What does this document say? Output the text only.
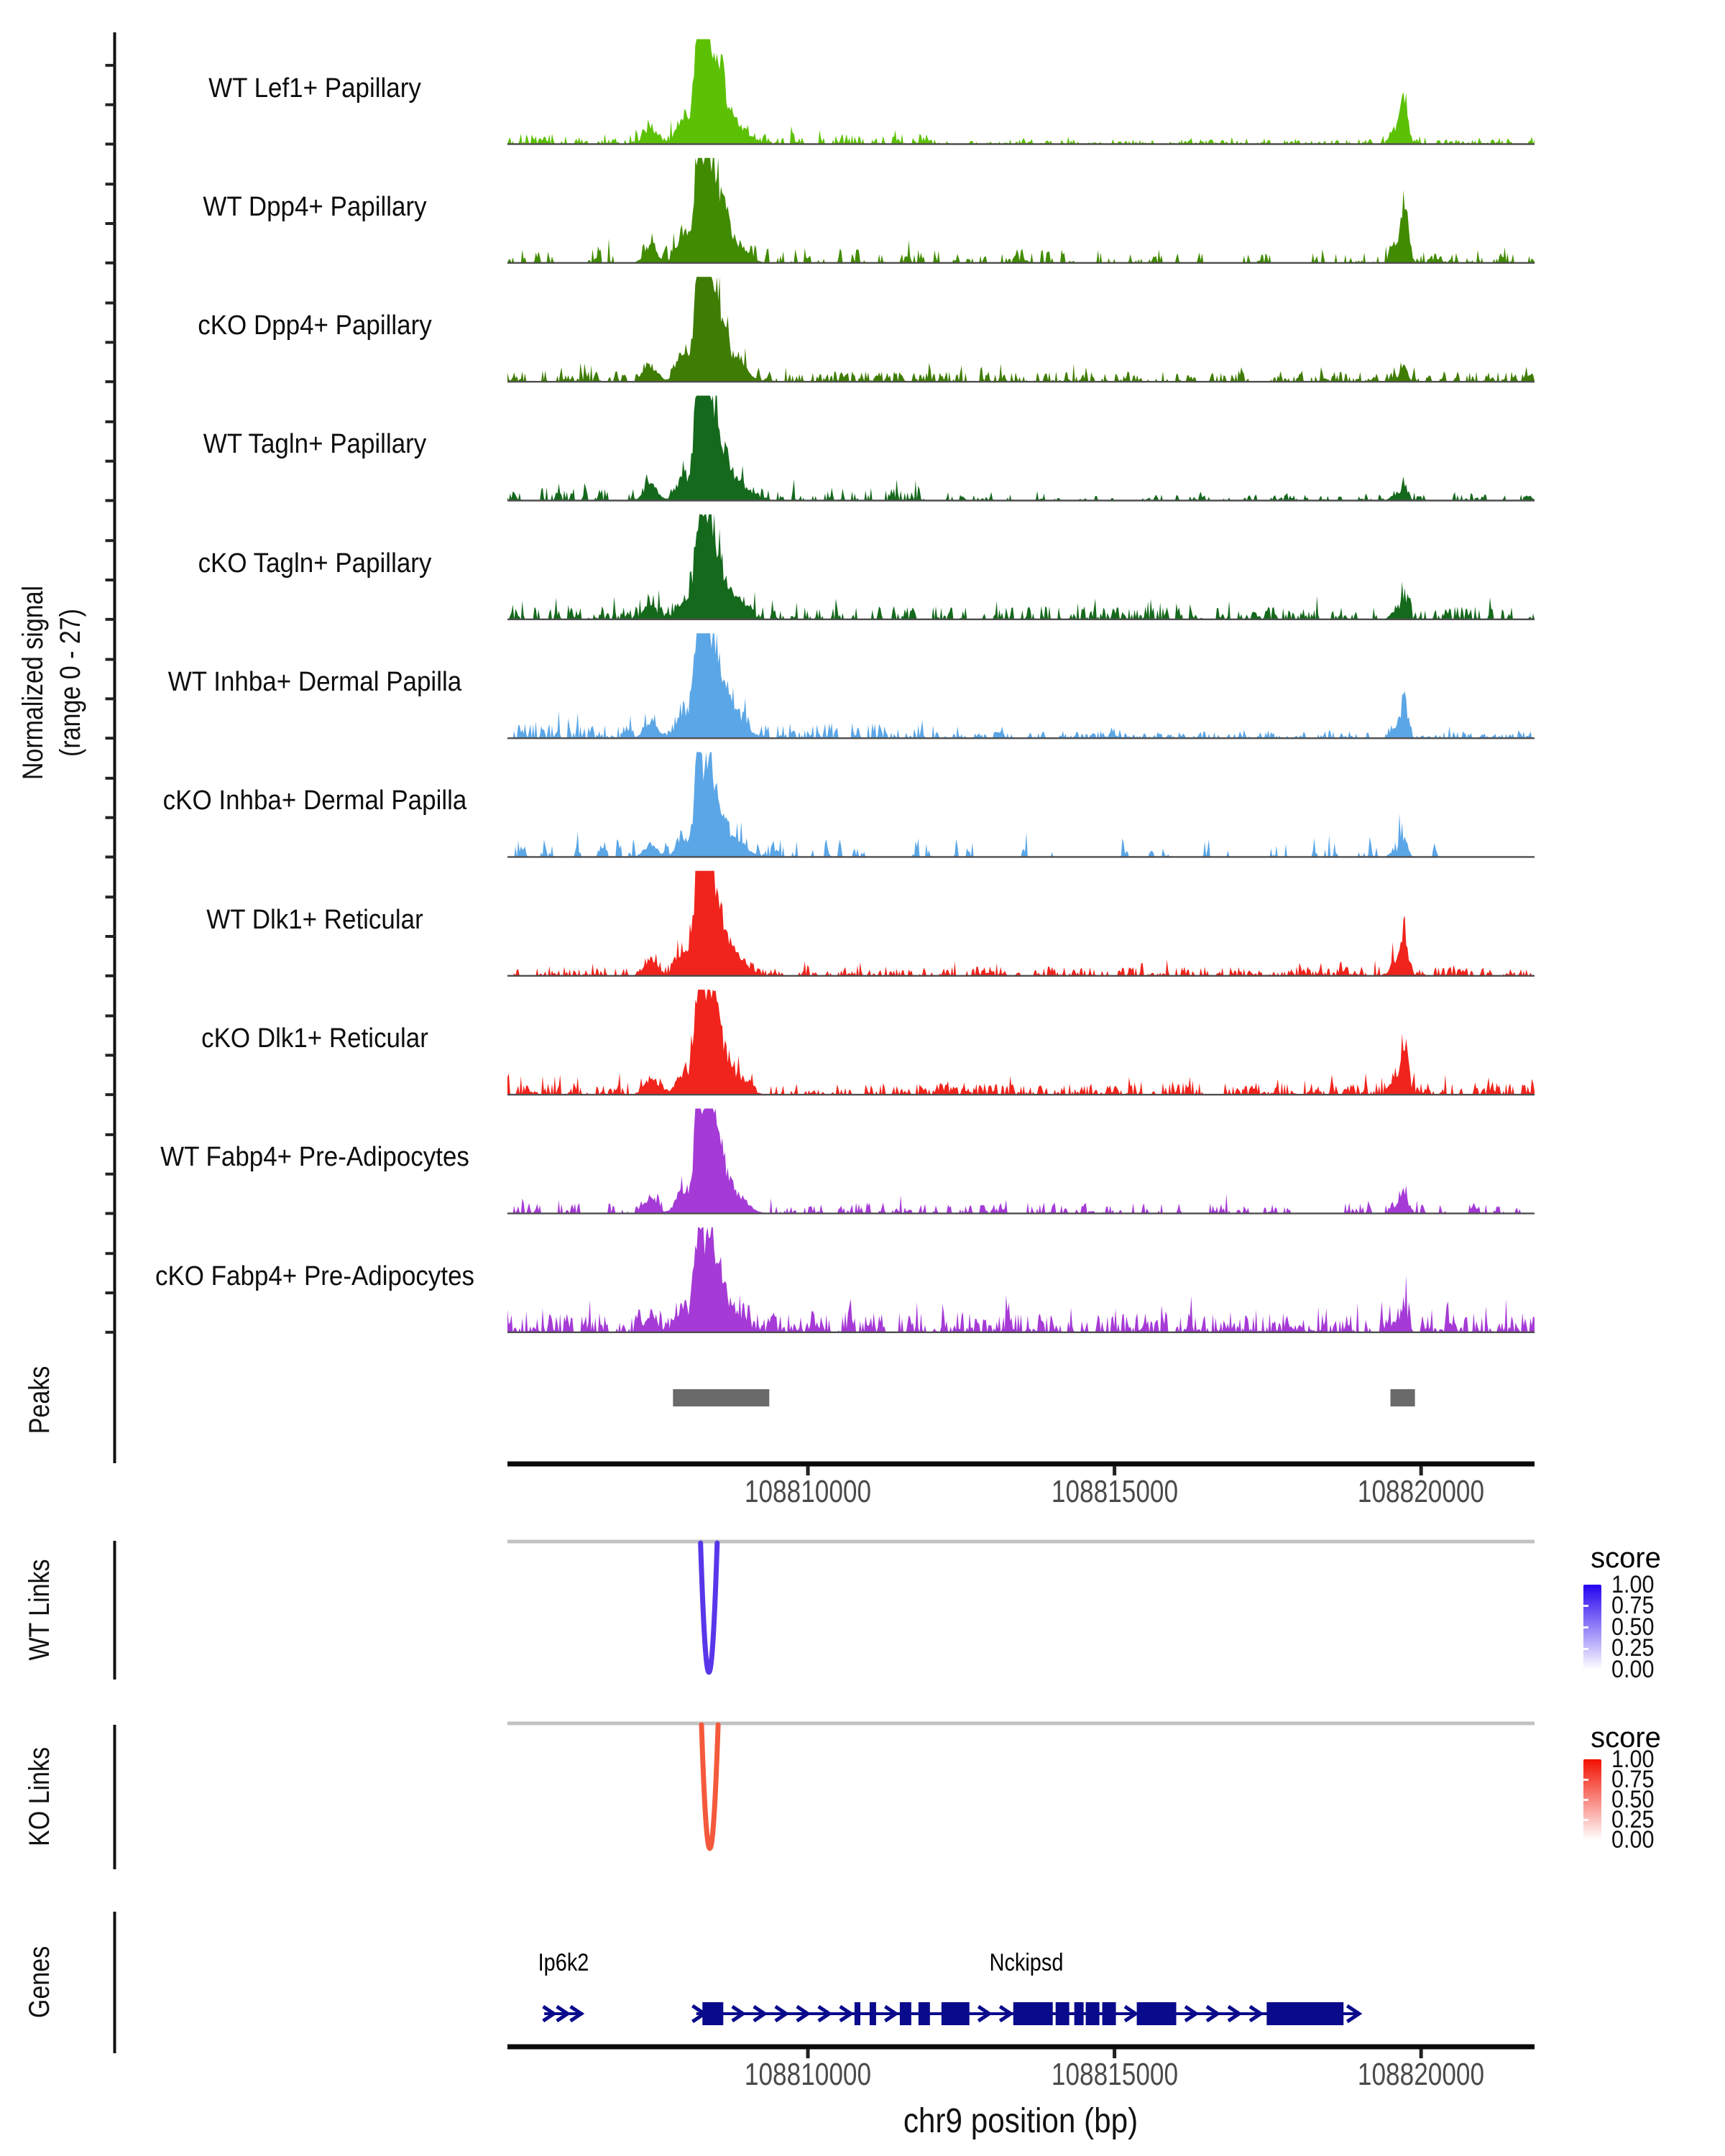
Normalized signal (range 0 - 27)
chr9 position (bp)
WT Lef1+ Papillary
WT Dpp4+ Papillary
cKO Dpp4+ Papillary
WT Tagln+ Papillary
cKO Tagln+ Papillary
WT Inhba+ Dermal Papilla
cKO Inhba+ Dermal Papilla
WT Dlk1+ Reticular
cKO Dlk1+ Reticular
WT Fabp4+ Pre-Adipocytes
cKO Fabp4+ Pre-Adipocytes
Peaks
WT Links
KO Links
Genes
108810000	108815000	108820000
108810000	108815000	108820000
Ip6k2	Nckipsd
score
1.00
0.75
0.50
0.25
0.00
score
1.00
0.75
0.50
0.25
0.00
